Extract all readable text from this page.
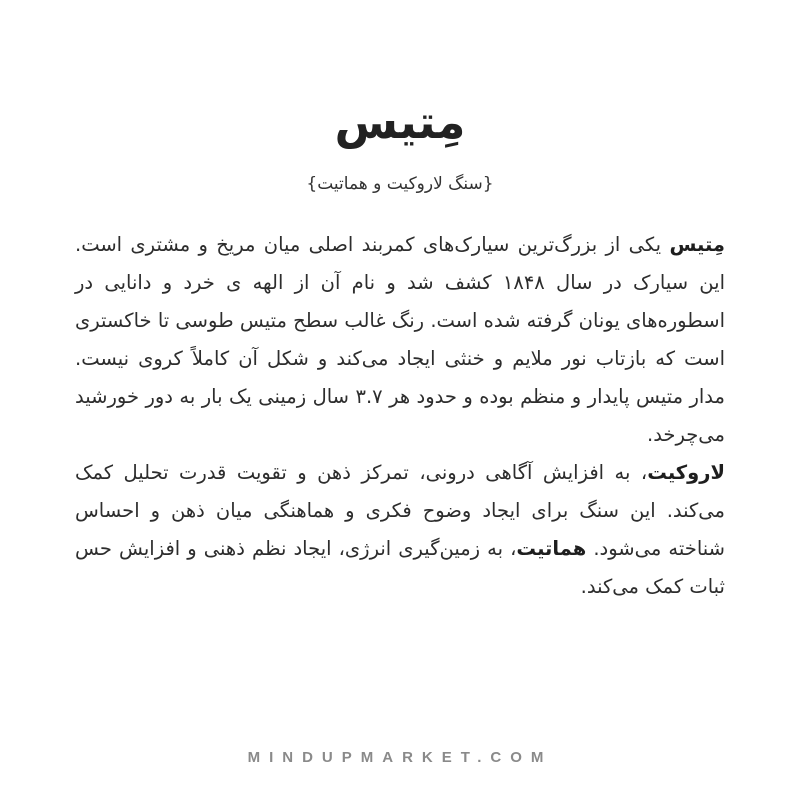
مِتیس
{سنگ لاروکیت و هماتیت}

مِتیس یکی از بزرگ‌ترین سیارک‌های کمربند اصلی میان مریخ و مشتری است. این سیارک در سال ۱۸۴۸ کشف شد و نام آن از الهه ی خرد و دانایی در اسطوره‌های یونان گرفته شده است. رنگ غالب سطح متیس طوسی تا خاکستری است که بازتاب نور ملایم و خنثی ایجاد می‌کند و شکل آن کاملاً کروی نیست. مدار متیس پایدار و منظم بوده و حدود هر ۳.۷ سال زمینی یک بار به دور خورشید می‌چرخد.

لاروکیت، به افزایش آگاهی درونی، تمرکز ذهن و تقویت قدرت تحلیل کمک می‌کند. این سنگ برای ایجاد وضوح فکری و هماهنگی میان ذهن و احساس شناخته می‌شود. هماتیت، به زمین‌گیری انرژی، ایجاد نظم ذهنی و افزایش حس ثبات کمک می‌کند.

MINDUPMARKET.COM
